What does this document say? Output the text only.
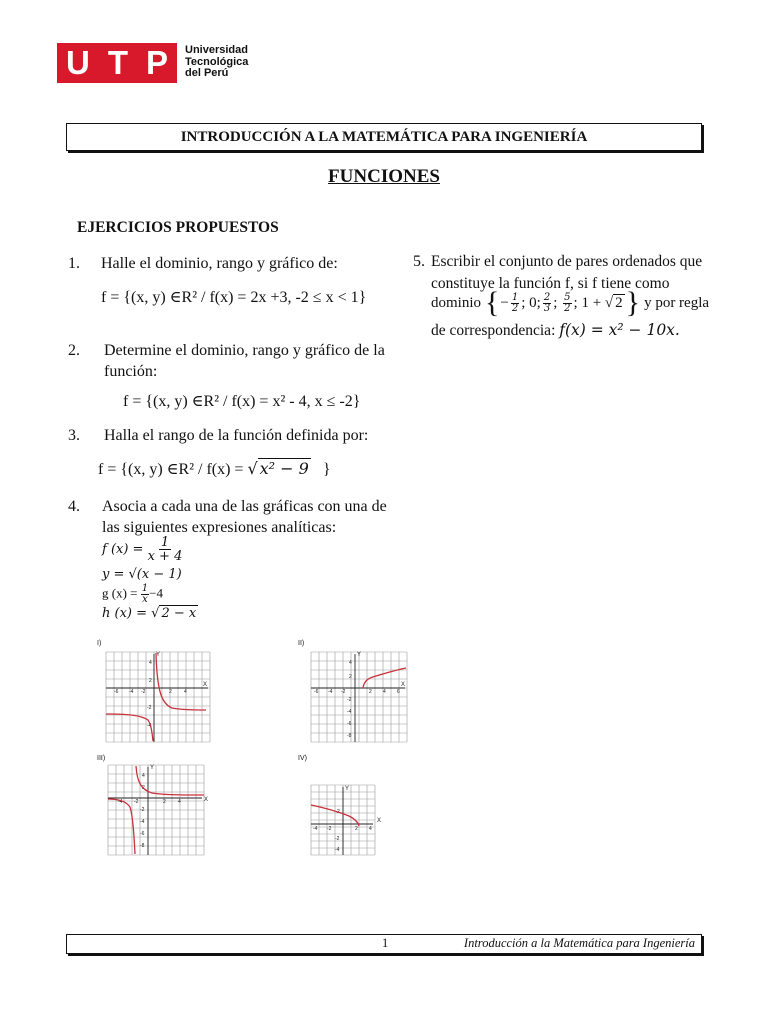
U T P Universidad
Tecnológica
del Perú
INTRODUCCIÓN A LA MATEMÁTICA PARA INGENIERÍA
FUNCIONES
EJERCICIOS PROPUESTOS
1. Halle el dominio, rango y gráfico de:
f = {(x, y) ∈R² / f(x) = 2x +3, -2 ≤ x < 1}
2. Determine el dominio, rango y gráfico de la
función:
f = {(x, y) ∈R² / f(x) = x² - 4, x ≤ -2}
3. Halla el rango de la función definida por:
f = {(x, y) ∈R² / f(x) = √ x² − 9 }
4. Asocia a cada una de las gráficas con una de
las siguientes expresiones analíticas:
f $(x) = \frac{1}{x + 4}$
y = √(x − 1)
g $(x) = \frac{1}{x} -4$
h (x) = √ 2 − x
5. Escribir el conjunto de pares ordenados que
constituye la función f, si f tiene como
dominio { − $\frac{1}{2}$ ; 0; $\frac{2}{3}$ ;
$\frac{5}{2}$ ; 1 +
√ 2 } y por regla
de correspondencia: f(x) = x² − 10x.
I)
X
Y
-6 -4 -2	2 4
4
2
-2
-4
II)
X
Y
-6 -4 -2	2 4 6
4
2
-2
-4
-6
-8
III)
X
Y
-4 -2	2 4
4
2
-2
-4
-6
-8
IV)
X
Y
-4 -2	2 4
2
-2
-4
1	Introducción a la Matemática para Ingeniería
